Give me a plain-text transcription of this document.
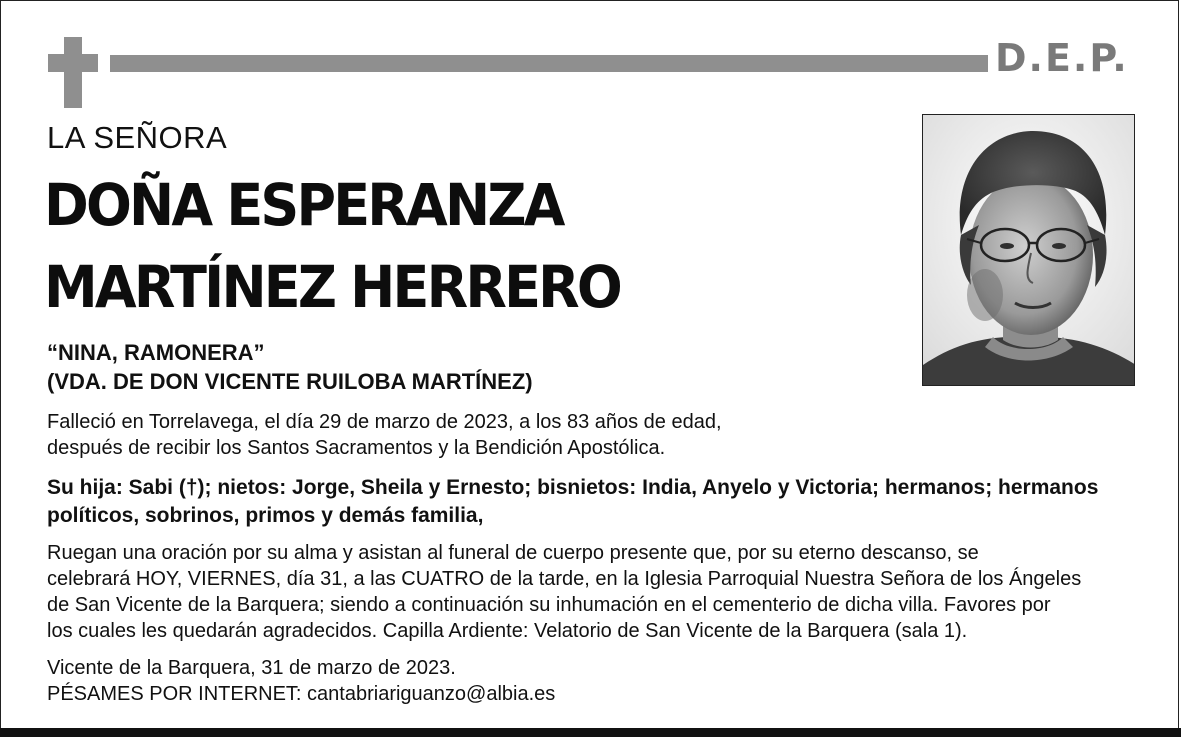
D.E.P.

LA SEÑORA

DOÑA ESPERANZA

MARTÍNEZ HERRERO

“NINA, RAMONERA”

(VDA. DE DON VICENTE RUILOBA MARTÍNEZ)

Falleció en Torrelavega, el día 29 de marzo de 2023, a los 83 años de edad,

después de recibir los Santos Sacramentos y la Bendición Apostólica.

Su hija: Sabi (†); nietos: Jorge, Sheila y Ernesto; bisnietos: India, Anyelo y Victoria; hermanos; hermanos

políticos, sobrinos, primos y demás familia,

Ruegan una oración por su alma y asistan al funeral de cuerpo presente que, por su eterno descanso, se

celebrará HOY, VIERNES, día 31, a las CUATRO de la tarde, en la Iglesia Parroquial Nuestra Señora de los Ángeles

de San Vicente de la Barquera; siendo a continuación su inhumación en el cementerio de dicha villa. Favores por

los cuales les quedarán agradecidos. Capilla Ardiente: Velatorio de San Vicente de la Barquera (sala 1).

Vicente de la Barquera, 31 de marzo de 2023.

PÉSAMES POR INTERNET: cantabriariguanzo@albia.es
